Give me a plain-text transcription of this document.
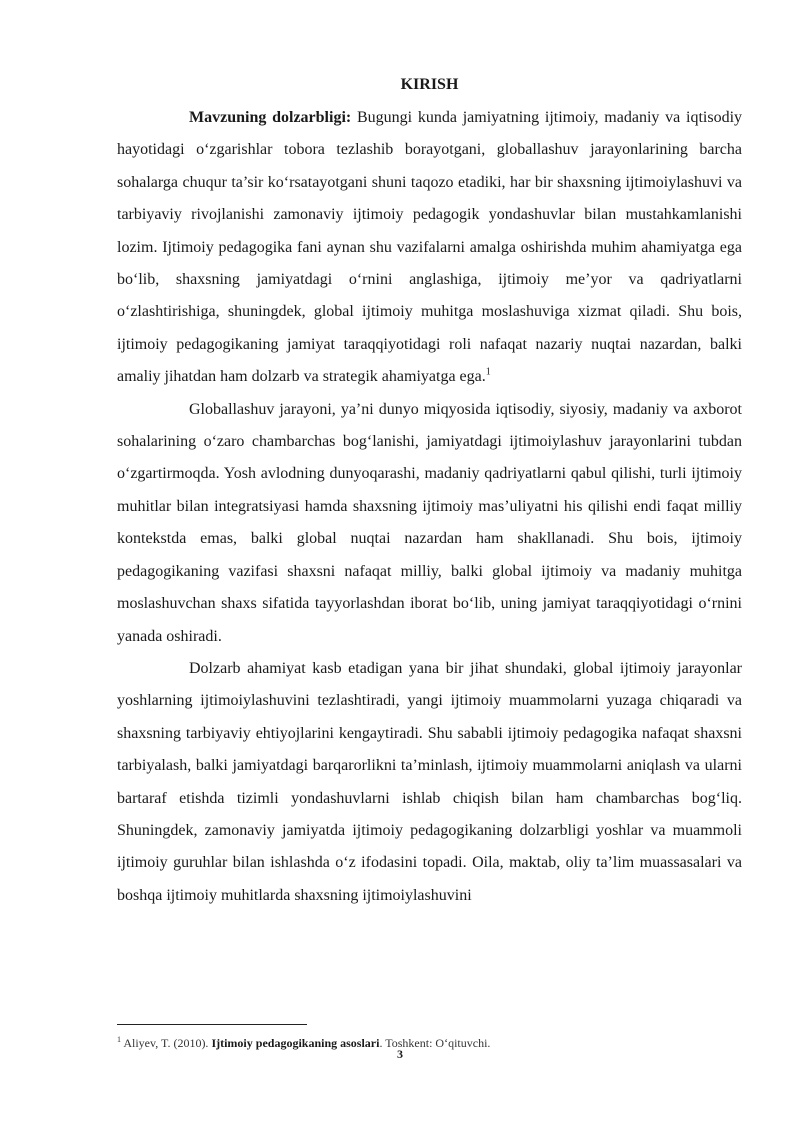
KIRISH

Mavzuning dolzarbligi: Bugungi kunda jamiyatning ijtimoiy, madaniy va iqtisodiy hayotidagi o‘zgarishlar tobora tezlashib borayotgani, globallashuv jarayonlarining barcha sohalarga chuqur ta’sir ko‘rsatayotgani shuni taqozo etadiki, har bir shaxsning ijtimoiylashuvi va tarbiyaviy rivojlanishi zamonaviy ijtimoiy pedagogik yondashuvlar bilan mustahkamlanishi lozim. Ijtimoiy pedagogika fani aynan shu vazifalarni amalga oshirishda muhim ahamiyatga ega bo‘lib, shaxsning jamiyatdagi o‘rnini anglashiga, ijtimoiy me’yor va qadriyatlarni o‘zlashtirishiga, shuningdek, global ijtimoiy muhitga moslashuviga xizmat qiladi. Shu bois, ijtimoiy pedagogikaning jamiyat taraqqiyotidagi roli nafaqat nazariy nuqtai nazardan, balki amaliy jihatdan ham dolzarb va strategik ahamiyatga ega.$^1$

Globallashuv jarayoni, ya’ni dunyo miqyosida iqtisodiy, siyosiy, madaniy va axborot sohalarining o‘zaro chambarchas bog‘lanishi, jamiyatdagi ijtimoiylashuv jarayonlarini tubdan o‘zgartirmoqda. Yosh avlodning dunyoqarashi, madaniy qadriyatlarni qabul qilishi, turli ijtimoiy muhitlar bilan integratsiyasi hamda shaxsning ijtimoiy mas’uliyatni his qilishi endi faqat milliy kontekstda emas, balki global nuqtai nazardan ham shakllanadi. Shu bois, ijtimoiy pedagogikaning vazifasi shaxsni nafaqat milliy, balki global ijtimoiy va madaniy muhitga moslashuvchan shaxs sifatida tayyorlashdan iborat bo‘lib, uning jamiyat taraqqiyotidagi o‘rnini yanada oshiradi.

Dolzarb ahamiyat kasb etadigan yana bir jihat shundaki, global ijtimoiy jarayonlar yoshlarning ijtimoiylashuvini tezlashtiradi, yangi ijtimoiy muammolarni yuzaga chiqaradi va shaxsning tarbiyaviy ehtiyojlarini kengaytiradi. Shu sababli ijtimoiy pedagogika nafaqat shaxsni tarbiyalash, balki jamiyatdagi barqarorlikni ta’minlash, ijtimoiy muammolarni aniqlash va ularni bartaraf etishda tizimli yondashuvlarni ishlab chiqish bilan ham chambarchas bog‘liq. Shuningdek, zamonaviy jamiyatda ijtimoiy pedagogikaning dolzarbligi yoshlar va muammoli ijtimoiy guruhlar bilan ishlashda o‘z ifodasini topadi. Oila, maktab, oliy ta’lim muassasalari va boshqa ijtimoiy muhitlarda shaxsning ijtimoiylashuvini

$^1$ Aliyev, T. (2010). Ijtimoiy pedagogikaning asoslari. Toshkent: O‘qituvchi.
3
